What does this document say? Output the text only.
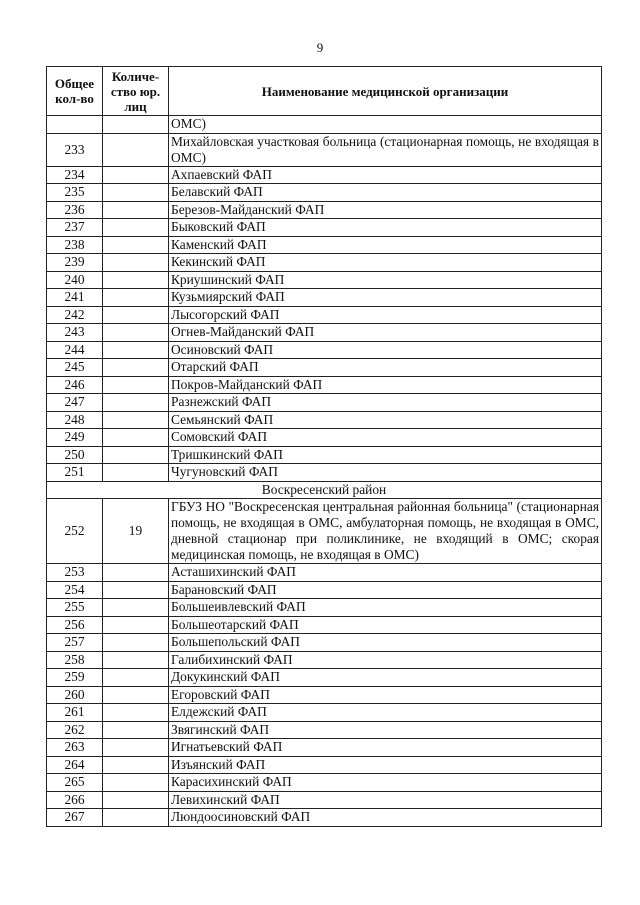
9
Общее кол-во	Количе-ство юр. лиц	Наименование медицинской организации
		ОМС)
233		Михайловская участковая больница (стационарная помощь, не входящая в ОМС)
234		Ахпаевский ФАП
235		Белавский ФАП
236		Березов-Майданский ФАП
237		Быковский ФАП
238		Каменский ФАП
239		Кекинский ФАП
240		Криушинский ФАП
241		Кузьмиярский ФАП
242		Лысогорский ФАП
243		Огнев-Майданский ФАП
244		Осиновский ФАП
245		Отарский ФАП
246		Покров-Майданский ФАП
247		Разнежский ФАП
248		Семьянский ФАП
249		Сомовский ФАП
250		Тришкинский ФАП
251		Чугуновский ФАП
Воскресенский район		
252	19	ГБУЗ НО "Воскресенская центральная районная больница" (стационарная помощь, не входящая в ОМС, амбулаторная помощь, не входящая в ОМС, дневной стационар при поликлинике, не входящий в ОМС; скорая медицинская помощь, не входящая в ОМС)
253		Асташихинский ФАП
254		Барановский ФАП
255		Большеивлевский ФАП
256		Большеотарский ФАП
257		Большепольский ФАП
258		Галибихинский ФАП
259		Докукинский ФАП
260		Егоровский ФАП
261		Елдежский ФАП
262		Звягинский ФАП
263		Игнатьевский ФАП
264		Изъянский ФАП
265		Карасихинский ФАП
266		Левихинский ФАП
267		Люндоосиновский ФАП
